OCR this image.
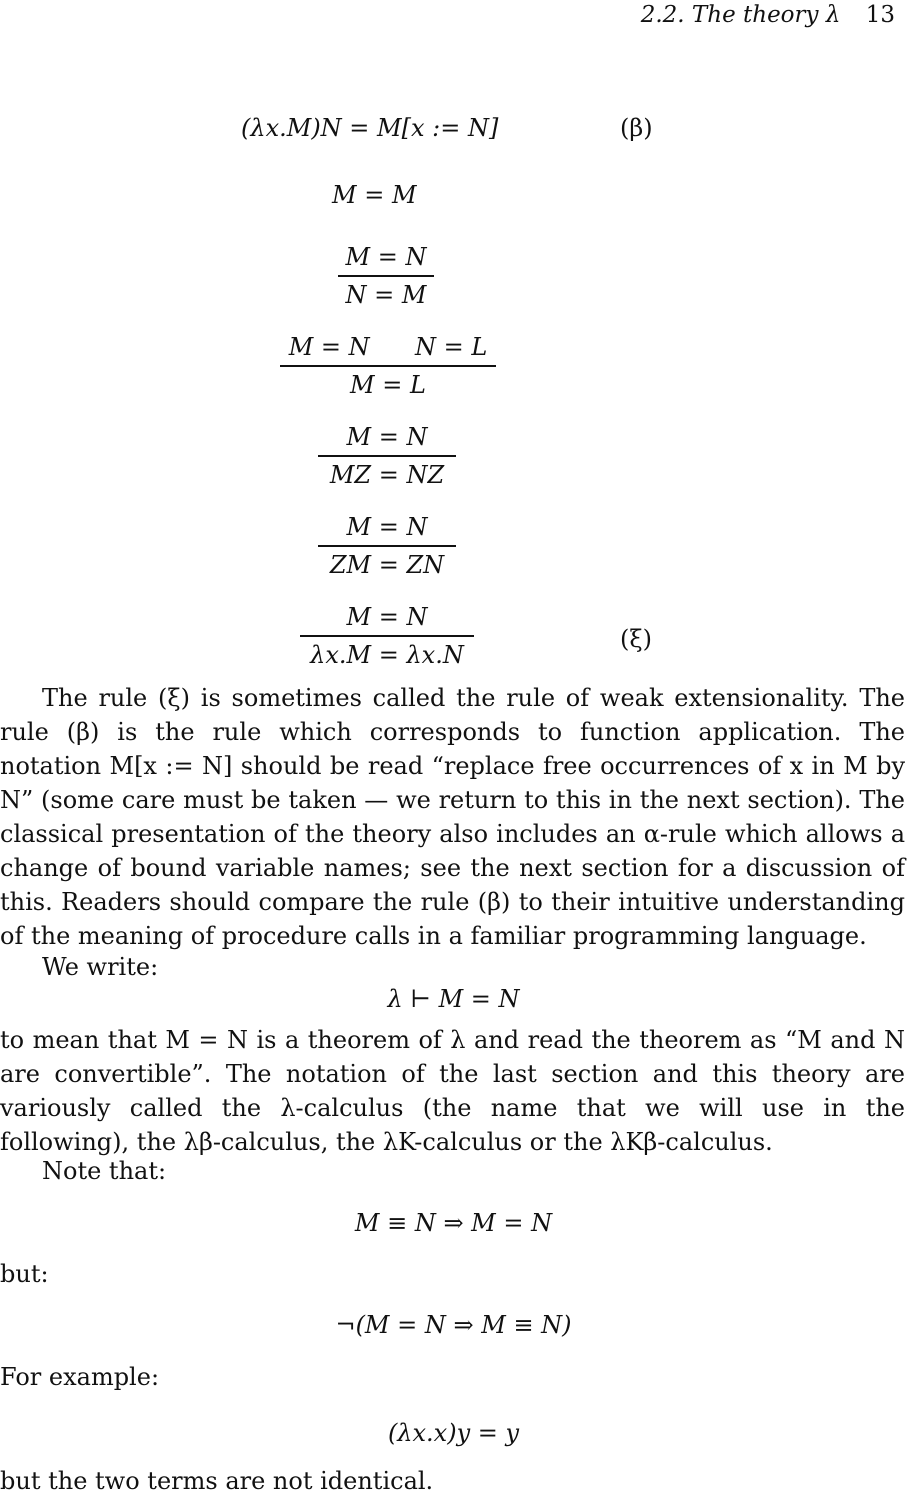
2.2. The theory λ 13
(λx.M)N = M[x := N]	(β)
M = M
M = N
N = M
M = N N = L
M = L
M = N
MZ = NZ
M = N
ZM = ZN
M = N
λx.M = λx.N
(ξ)

The rule (ξ) is sometimes called the rule of weak extensionality. The rule (β) is the rule which corresponds to function application. The notation M[x := N] should be read “replace free occurrences of x in M by N” (some care must be taken — we return to this in the next section). The classical presentation of the theory also includes an α-rule which allows a change of bound variable names; see the next section for a discussion of this. Readers should compare the rule (β) to their intuitive understanding of the meaning of procedure calls in a familiar programming language.

We write:
λ ⊢ M = N

to mean that M = N is a theorem of λ and read the theorem as “M and N are convertible”. The notation of the last section and this theory are variously called the λ-calculus (the name that we will use in the following), the λβ-calculus, the λK-calculus or the λKβ-calculus.

Note that:
M ≡ N ⇒ M = N
but:
¬(M = N ⇒ M ≡ N)
For example:
(λx.x)y = y
but the two terms are not identical.
